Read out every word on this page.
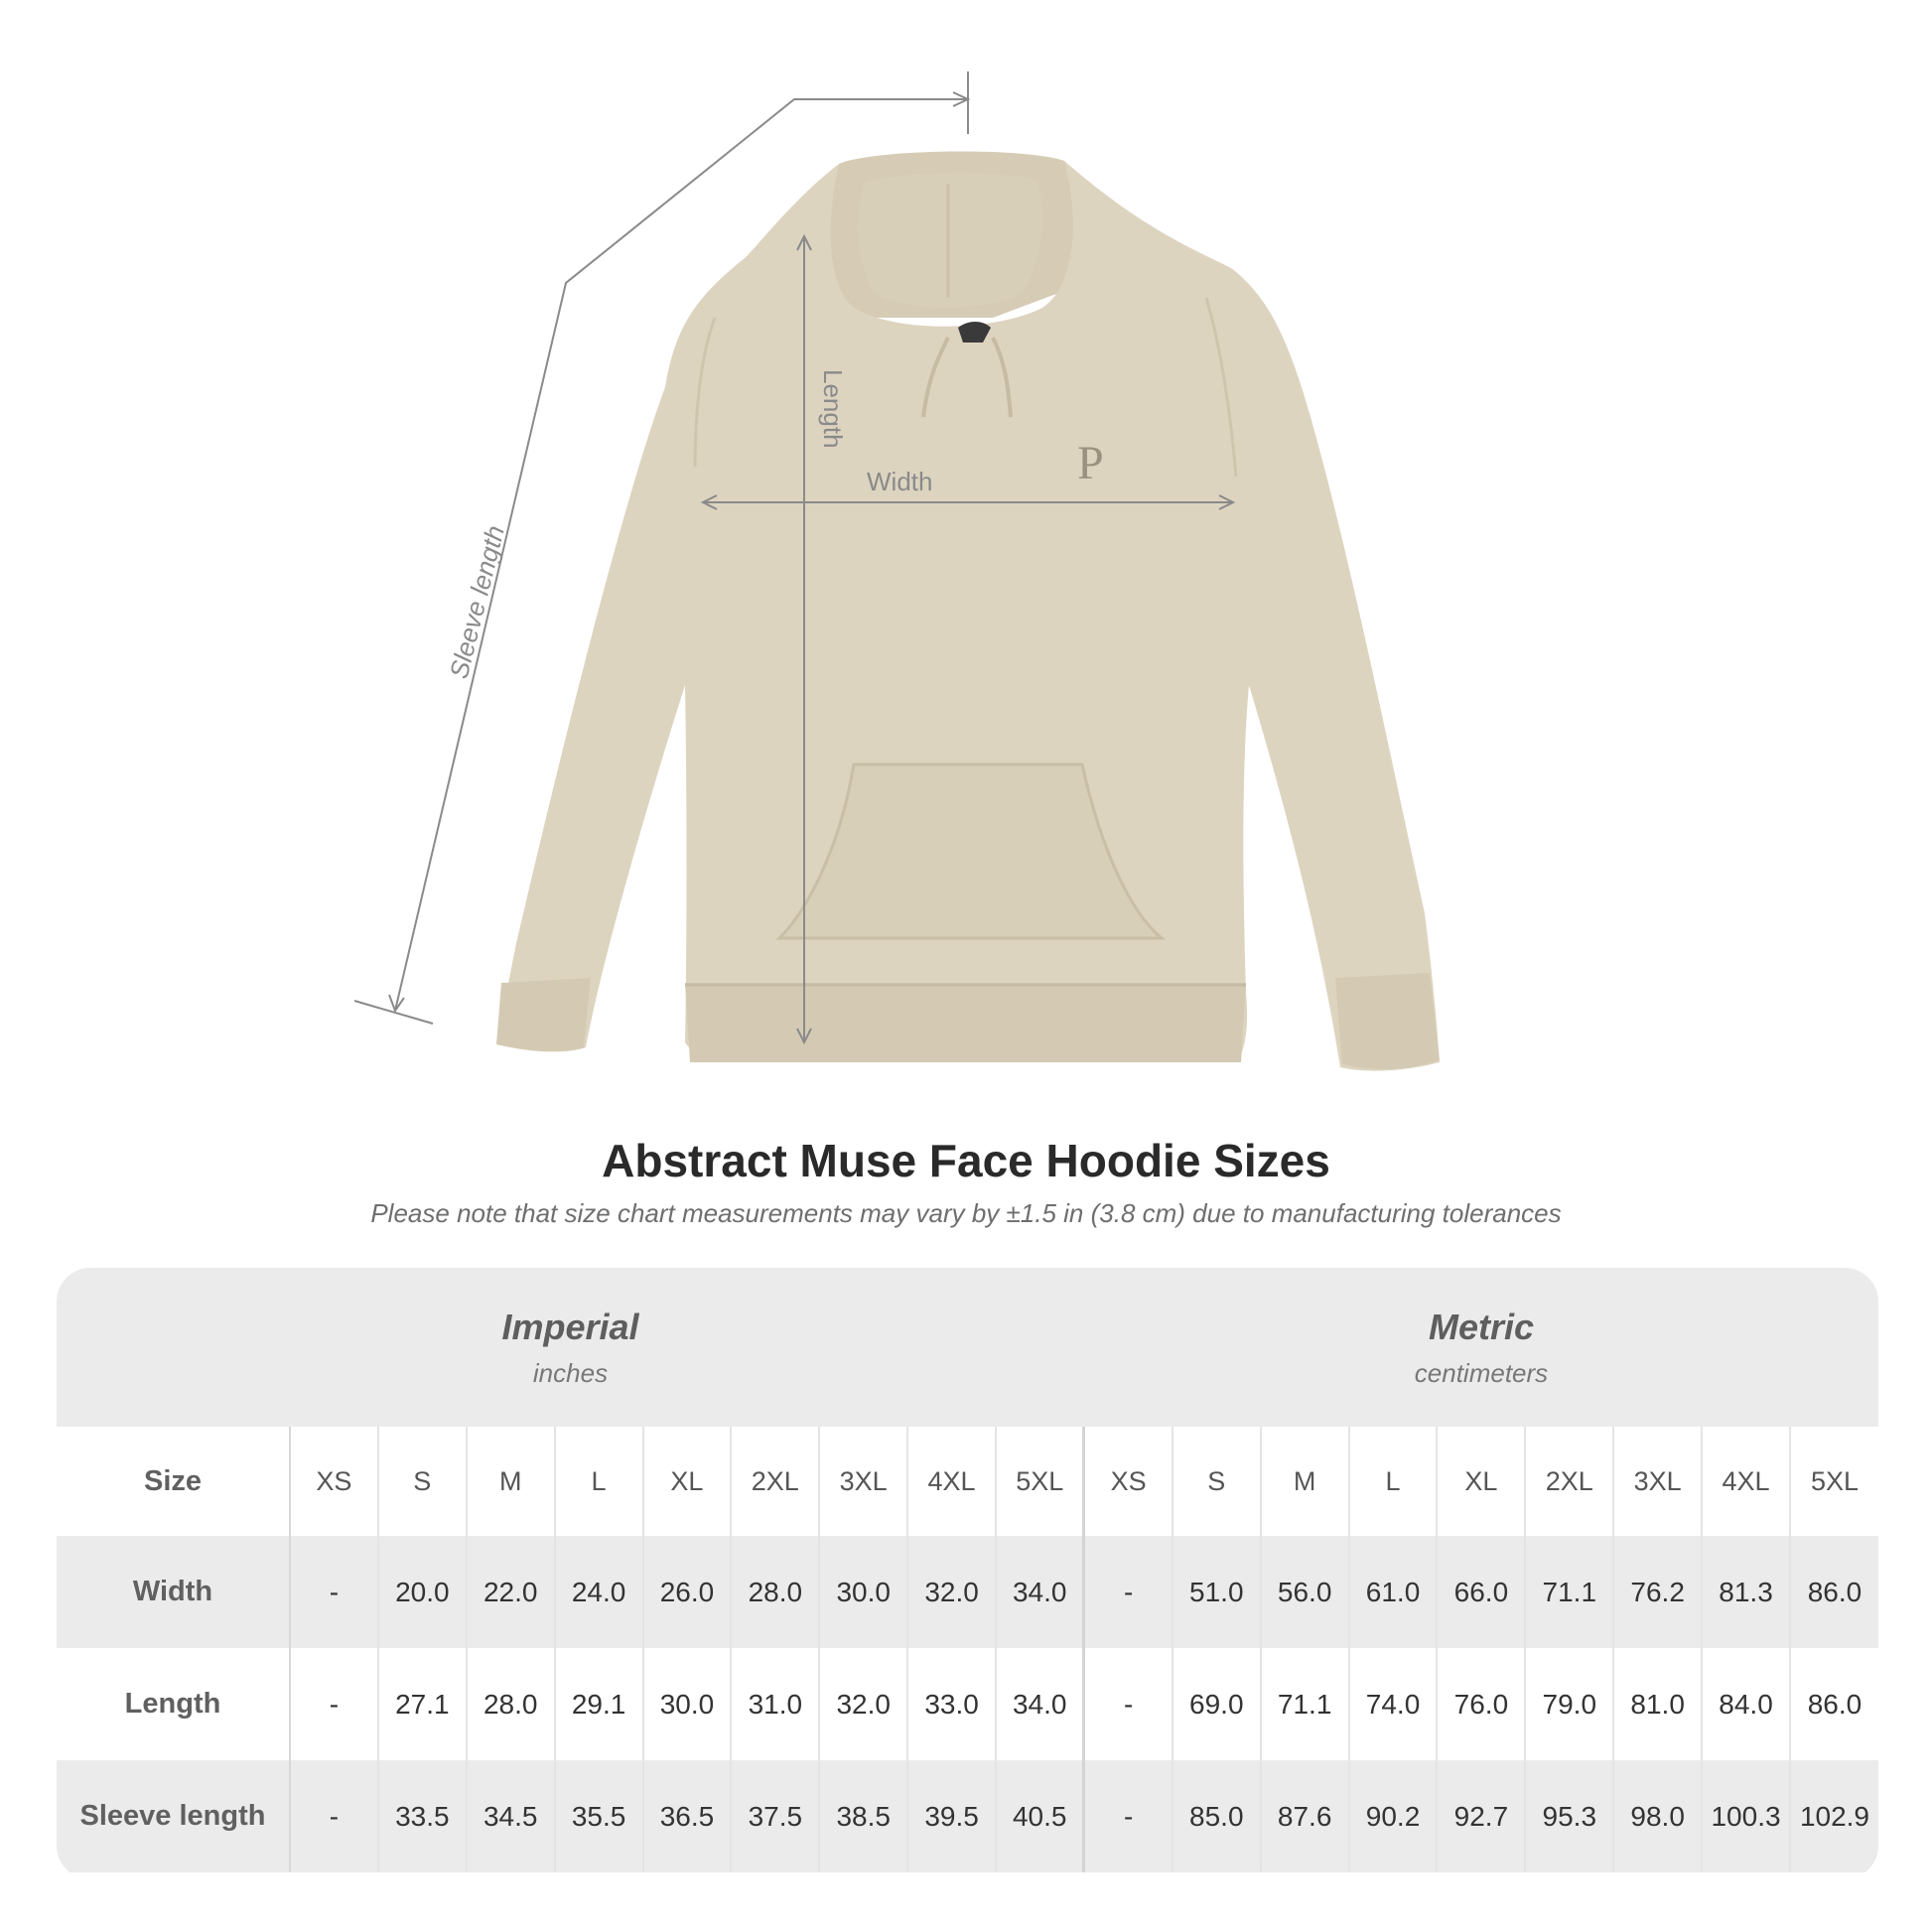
P
Sleeve length
Length
Width
Abstract Muse Face Hoodie Sizes

Please note that size chart measurements may vary by ±1.5 in (3.8 cm) due to manufacturing tolerances

Imperial
inches										Metric
centimeters								

Size	XS	S	M	L	XL	2XL	3XL	4XL	5XL	XS	S	M	L	XL	2XL	3XL	4XL	5XL
Width	-	20.0	22.0	24.0	26.0	28.0	30.0	32.0	34.0	-	51.0	56.0	61.0	66.0	71.1	76.2	81.3	86.0
Length	-	27.1	28.0	29.1	30.0	31.0	32.0	33.0	34.0	-	69.0	71.1	74.0	76.0	79.0	81.0	84.0	86.0
Sleeve length	-	33.5	34.5	35.5	36.5	37.5	38.5	39.5	40.5	-	85.0	87.6	90.2	92.7	95.3	98.0	100.3	102.9
